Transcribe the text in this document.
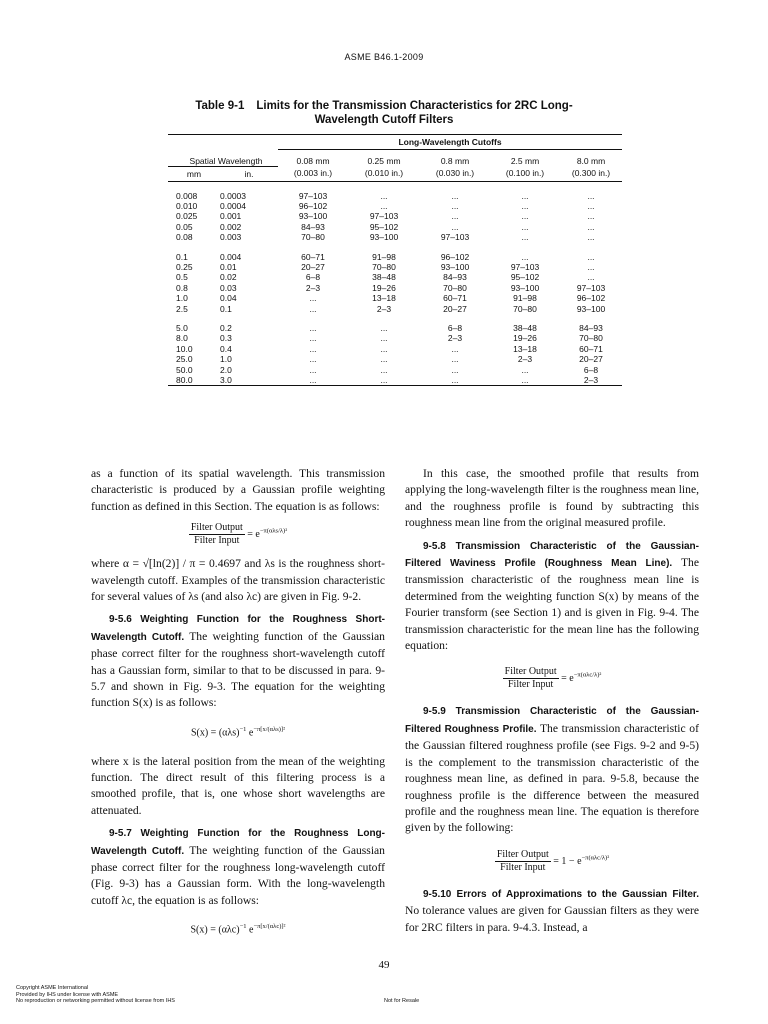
ASME B46.1-2009
Table 9-1 Limits for the Transmission Characteristics for 2RC Long-
Wavelength Cutoff Filters
		Long-Wavelength Cutoffs				
Spatial Wavelength		0.08 mm	0.25 mm	0.8 mm	2.5 mm	8.0 mm
mm	in.	(0.003 in.)	(0.010 in.)	(0.030 in.)	(0.100 in.)	(0.300 in.)

0.008	0.0003	97–103	...	...	...	...
0.010	0.0004	96–102	...	...	...	...
0.025	0.001	93–100	97–103	...	...	...
0.05	0.002	84–93	95–102	...	...	...
0.08	0.003	70–80	93–100	97–103	...	...

0.1	0.004	60–71	91–98	96–102	...	...
0.25	0.01	20–27	70–80	93–100	97–103	...
0.5	0.02	6–8	38–48	84–93	95–102	...
0.8	0.03	2–3	19–26	70–80	93–100	97–103
1.0	0.04	...	13–18	60–71	91–98	96–102
2.5	0.1	...	2–3	20–27	70–80	93–100

5.0	0.2	...	...	6–8	38–48	84–93
8.0	0.3	...	...	2–3	19–26	70–80
10.0	0.4	...	...	...	13–18	60–71
25.0	1.0	...	...	...	2–3	20–27
50.0	2.0	...	...	...	...	6–8
80.0	3.0	...	...	...	...	2–3

as a function of its spatial wavelength. This transmission characteristic is produced by a Gaussian profile weighting function as defined in this Section. The equation is as follows:

$\frac{\text{Filter Output}}{\text{Filter Input}} = e^{-\pi(\alpha\lambda s/\lambda)^2}$

where α = √[ln(2)] / π = 0.4697 and λs is the roughness short-wavelength cutoff. Examples of the transmission characteristic for several values of λs (and also λc) are given in Fig. 9-2.

9-5.6 Weighting Function for the Roughness Short-Wavelength Cutoff. The weighting function of the Gaussian phase correct filter for the roughness short-wavelength cutoff has a Gaussian form, similar to that to be discussed in para. 9-5.7 and shown in Fig. 9-3. The equation for the weighting function S(x) is as follows:

$S(x) = (\alpha\lambda s)^{-1}$ $e^{-\pi[x/(\alpha\lambda s)]^2}$

where x is the lateral position from the mean of the weighting function. The direct result of this filtering process is a smoothed profile, that is, one whose short wavelengths are attenuated.

9-5.7 Weighting Function for the Roughness Long-Wavelength Cutoff. The weighting function of the Gaussian phase correct filter for the roughness long-wavelength cutoff (Fig. 9-3) has a Gaussian form. With the long-wavelength cutoff λc, the equation is as follows:

$S(x) = (\alpha\lambda c)^{-1}$ $e^{-\pi[x/(\alpha\lambda c)]^2}$

In this case, the smoothed profile that results from applying the long-wavelength filter is the roughness mean line, and the roughness profile is found by subtracting this roughness mean line from the original measured profile.

9-5.8 Transmission Characteristic of the Gaussian-Filtered Waviness Profile (Roughness Mean Line). The transmission characteristic of the roughness mean line is determined from the weighting function S(x) by means of the Fourier transform (see Section 1) and is given in Fig. 9-4. The transmission characteristic for the mean line has the following equation:

$\frac{\text{Filter Output}}{\text{Filter Input}} = e^{-\pi(\alpha\lambda c/\lambda)^2}$

9-5.9 Transmission Characteristic of the Gaussian-Filtered Roughness Profile. The transmission characteristic of the Gaussian filtered roughness profile (see Figs. 9-2 and 9-5) is the complement to the transmission characteristic of the roughness mean line, as defined in para. 9-5.8, because the roughness profile is the difference between the measured profile and the roughness mean line. The equation is therefore given by the following:

$\frac{\text{Filter Output}}{\text{Filter Input}} = 1 - e^{-\pi(\alpha\lambda c/\lambda)^2}$

9-5.10 Errors of Approximations to the Gaussian Filter. No tolerance values are given for Gaussian filters as they were for 2RC filters in para. 9-4.3. Instead, a

49
Copyright ASME International
Provided by IHS under license with ASME
No reproduction or networking permitted without license from IHS	Not for Resale
